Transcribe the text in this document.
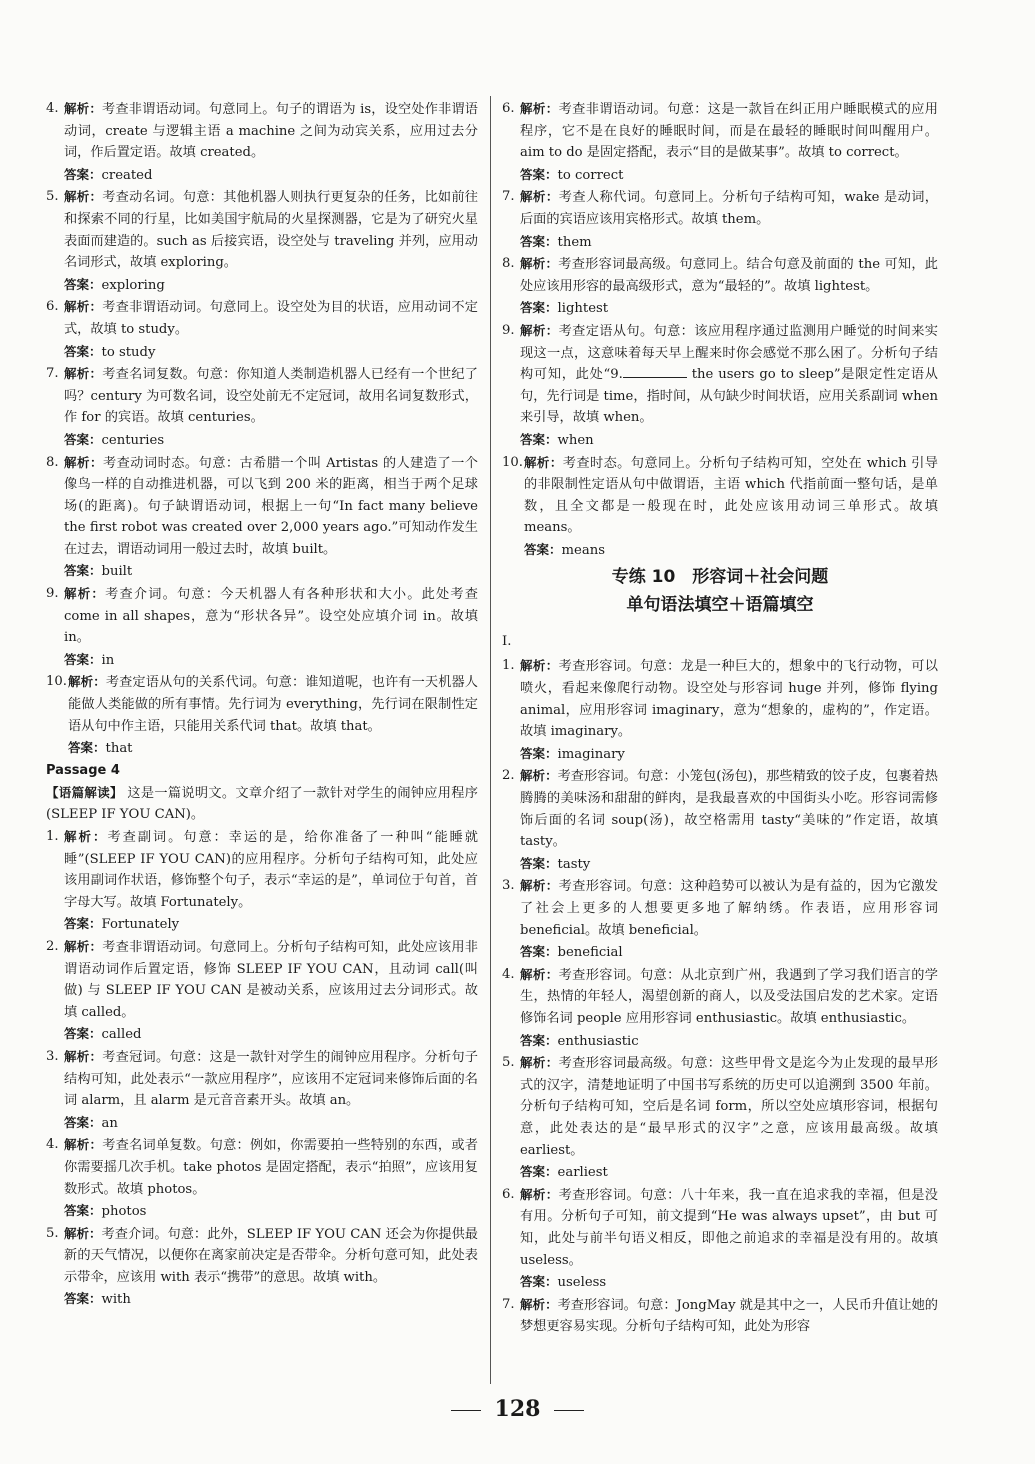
4. 解析：考查非谓语动词。句意同上。句子的谓语为 is，设空处作非谓语动词，create 与逻辑主语 a machine 之间为动宾关系，应用过去分词，作后置定语。故填 created。
答案：created
5. 解析：考查动名词。句意：其他机器人则执行更复杂的任务，比如前往和探索不同的行星，比如美国宇航局的火星探测器，它是为了研究火星表面而建造的。such as 后接宾语，设空处与 traveling 并列，应用动名词形式，故填 exploring。
答案：exploring
6. 解析：考查非谓语动词。句意同上。设空处为目的状语，应用动词不定式，故填 to study。
答案：to study
7. 解析：考查名词复数。句意：你知道人类制造机器人已经有一个世纪了吗？century 为可数名词，设空处前无不定冠词，故用名词复数形式，作 for 的宾语。故填 centuries。
答案：centuries
8. 解析：考查动词时态。句意：古希腊一个叫 Artistas 的人建造了一个像鸟一样的自动推进机器，可以飞到 200 米的距离，相当于两个足球场(的距离)。句子缺谓语动词，根据上一句“In fact many believe the first robot was created over 2,000 years ago.”可知动作发生在过去，谓语动词用一般过去时，故填 built。
答案：built
9. 解析：考查介词。句意：今天机器人有各种形状和大小。此处考查 come in all shapes，意为“形状各异”。设空处应填介词 in。故填 in。
答案：in
10. 解析：考查定语从句的关系代词。句意：谁知道呢，也许有一天机器人能做人类能做的所有事情。先行词为 everything，先行词在限制性定语从句中作主语，只能用关系代词 that。故填 that。
答案：that
Passage 4
【语篇解读】 这是一篇说明文。文章介绍了一款针对学生的闹钟应用程序(SLEEP IF YOU CAN)。
1. 解析：考查副词。句意：幸运的是，给你准备了一种叫“能睡就睡”(SLEEP IF YOU CAN)的应用程序。分析句子结构可知，此处应该用副词作状语，修饰整个句子，表示“幸运的是”，单词位于句首，首字母大写。故填 Fortunately。
答案：Fortunately
2. 解析：考查非谓语动词。句意同上。分析句子结构可知，此处应该用非谓语动词作后置定语，修饰 SLEEP IF YOU CAN，且动词 call(叫做) 与 SLEEP IF YOU CAN 是被动关系，应该用过去分词形式。故填 called。
答案：called
3. 解析：考查冠词。句意：这是一款针对学生的闹钟应用程序。分析句子结构可知，此处表示“一款应用程序”，应该用不定冠词来修饰后面的名词 alarm，且 alarm 是元音音素开头。故填 an。
答案：an
4. 解析：考查名词单复数。句意：例如，你需要拍一些特别的东西，或者你需要摇几次手机。take photos 是固定搭配，表示“拍照”，应该用复数形式。故填 photos。
答案：photos
5. 解析：考查介词。句意：此外，SLEEP IF YOU CAN 还会为你提供最新的天气情况，以便你在离家前决定是否带伞。分析句意可知，此处表示带伞，应该用 with 表示“携带”的意思。故填 with。
答案：with
6. 解析：考查非谓语动词。句意：这是一款旨在纠正用户睡眠模式的应用程序，它不是在良好的睡眠时间，而是在最轻的睡眠时间叫醒用户。aim to do 是固定搭配，表示“目的是做某事”。故填 to correct。
答案：to correct
7. 解析：考查人称代词。句意同上。分析句子结构可知，wake 是动词，后面的宾语应该用宾格形式。故填 them。
答案：them
8. 解析：考查形容词最高级。句意同上。结合句意及前面的 the 可知，此处应该用形容的最高级形式，意为“最轻的”。故填 lightest。
答案：lightest
9. 解析：考查定语从句。句意：该应用程序通过监测用户睡觉的时间来实现这一点，这意味着每天早上醒来时你会感觉不那么困了。分析句子结构可知，此处“9.	the users go to sleep”是限定性定语从句，先行词是 time，指时间，从句缺少时间状语，应用关系副词 when 来引导，故填 when。
答案：when
10. 解析：考查时态。句意同上。分析句子结构可知，空处在 which 引导的非限制性定语从句中做谓语，主语 which 代指前面一整句话，是单数，且全文都是一般现在时，此处应该用动词三单形式。故填 means。
答案：means
专练 10　形容词＋社会问题
单句语法填空＋语篇填空
Ⅰ.
1. 解析：考查形容词。句意：龙是一种巨大的，想象中的飞行动物，可以喷火，看起来像爬行动物。设空处与形容词 huge 并列，修饰 flying animal，应用形容词 imaginary，意为“想象的，虚构的”，作定语。故填 imaginary。
答案：imaginary
2. 解析：考查形容词。句意：小笼包(汤包)，那些精致的饺子皮，包裹着热腾腾的美味汤和甜甜的鲜肉，是我最喜欢的中国街头小吃。形容词需修饰后面的名词 soup(汤)，故空格需用 tasty“美味的”作定语，故填 tasty。
答案：tasty
3. 解析：考查形容词。句意：这种趋势可以被认为是有益的，因为它激发了社会上更多的人想要更多地了解纳绣。作表语，应用形容词 beneficial。故填 beneficial。
答案：beneficial
4. 解析：考查形容词。句意：从北京到广州，我遇到了学习我们语言的学生，热情的年轻人，渴望创新的商人，以及受法国启发的艺术家。定语修饰名词 people 应用形容词 enthusiastic。故填 enthusiastic。
答案：enthusiastic
5. 解析：考查形容词最高级。句意：这些甲骨文是迄今为止发现的最早形式的汉字，清楚地证明了中国书写系统的历史可以追溯到 3500 年前。分析句子结构可知，空后是名词 form，所以空处应填形容词，根据句意，此处表达的是“最早形式的汉字”之意，应该用最高级。故填 earliest。
答案：earliest
6. 解析：考查形容词。句意：八十年来，我一直在追求我的幸福，但是没有用。分析句子可知，前文提到“He was always upset”，由 but 可知，此处与前半句语义相反，即他之前追求的幸福是没有用的。故填 useless。
答案：useless
7. 解析：考查形容词。句意：JongMay 就是其中之一，人民币升值让她的梦想更容易实现。分析句子结构可知，此处为形容
128
